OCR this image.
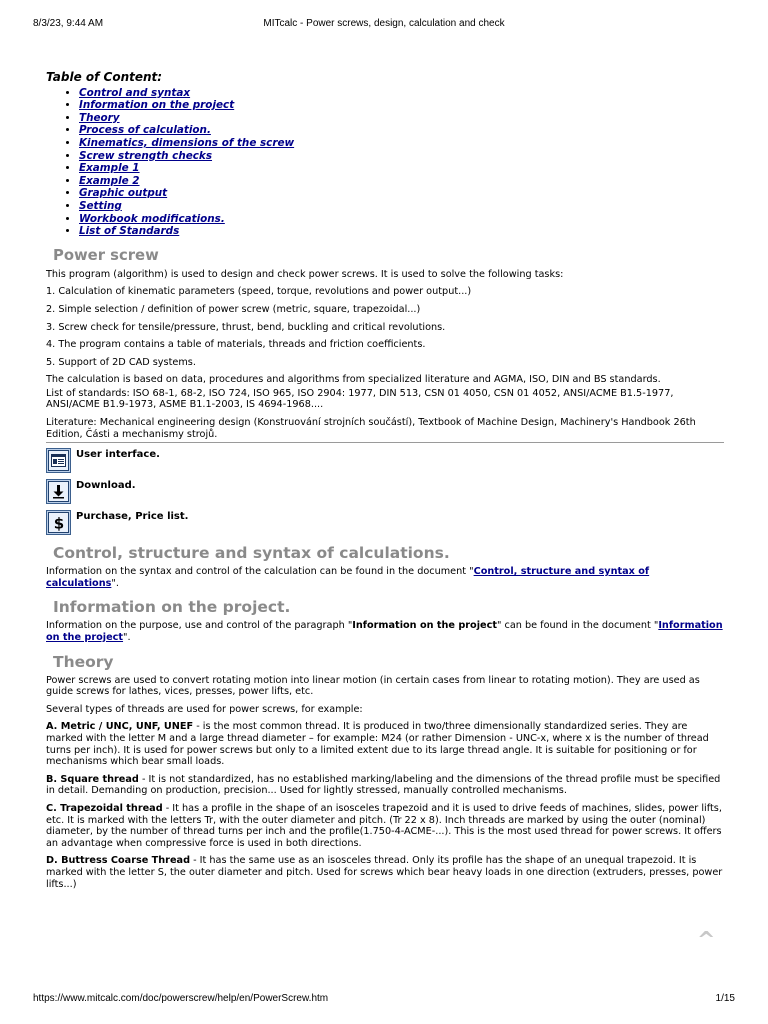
8/3/23, 9:44 AM	MITcalc - Power screws, design, calculation and check
Table of Content:
• Control and syntax
• Information on the project
• Theory
• Process of calculation.
• Kinematics, dimensions of the screw
• Screw strength checks
• Example 1
• Example 2
• Graphic output
• Setting
• Workbook modifications.
• List of Standards
Power screw

This program (algorithm) is used to design and check power screws. It is used to solve the following tasks:

1. Calculation of kinematic parameters (speed, torque, revolutions and power output...)

2. Simple selection / definition of power screw (metric, square, trapezoidal...)

3. Screw check for tensile/pressure, thrust, bend, buckling and critical revolutions.

4. The program contains a table of materials, threads and friction coefficients.

5. Support of 2D CAD systems.

The calculation is based on data, procedures and algorithms from specialized literature and AGMA, ISO, DIN and BS standards.

List of standards: ISO 68-1, 68-2, ISO 724, ISO 965, ISO 2904: 1977, DIN 513, CSN 01 4050, CSN 01 4052, ANSI/ACME B1.5-1977, ANSI/ACME B1.9-1973, ASME B1.1-2003, IS 4694-1968....

Literature: Mechanical engineering design (Konstruování strojních součástí), Textbook of Machine Design, Machinery's Handbook 26th Edition, Části a mechanismy strojů.

User interface.
Download.
$ Purchase, Price list.
Control, structure and syntax of calculations.

Information on the syntax and control of the calculation can be found in the document "Control, structure and syntax of calculations".

Information on the project.

Information on the purpose, use and control of the paragraph "Information on the project" can be found in the document "Information on the project".

Theory

Power screws are used to convert rotating motion into linear motion (in certain cases from linear to rotating motion). They are used as guide screws for lathes, vices, presses, power lifts, etc.

Several types of threads are used for power screws, for example:

A. Metric / UNC, UNF, UNEF - is the most common thread. It is produced in two/three dimensionally standardized series. They are marked with the letter M and a large thread diameter – for example: M24 (or rather Dimension - UNC-x, where x is the number of thread turns per inch). It is used for power screws but only to a limited extent due to its large thread angle. It is suitable for positioning or for mechanisms which bear small loads.

B. Square thread - It is not standardized, has no established marking/labeling and the dimensions of the thread profile must be specified in detail. Demanding on production, precision... Used for lightly stressed, manually controlled mechanisms.

C. Trapezoidal thread - It has a profile in the shape of an isosceles trapezoid and it is used to drive feeds of machines, slides, power lifts, etc. It is marked with the letters Tr, with the outer diameter and pitch. (Tr 22 x 8). Inch threads are marked by using the outer (nominal) diameter, by the number of thread turns per inch and the profile(1.750-4-ACME-...). This is the most used thread for power screws. It offers an advantage when compressive force is used in both directions.

D. Buttress Coarse Thread - It has the same use as an isosceles thread. Only its profile has the shape of an unequal trapezoid. It is marked with the letter S, the outer diameter and pitch. Used for screws which bear heavy loads in one direction (extruders, presses, power lifts...)

^
https://www.mitcalc.com/doc/powerscrew/help/en/PowerScrew.htm	1/15
